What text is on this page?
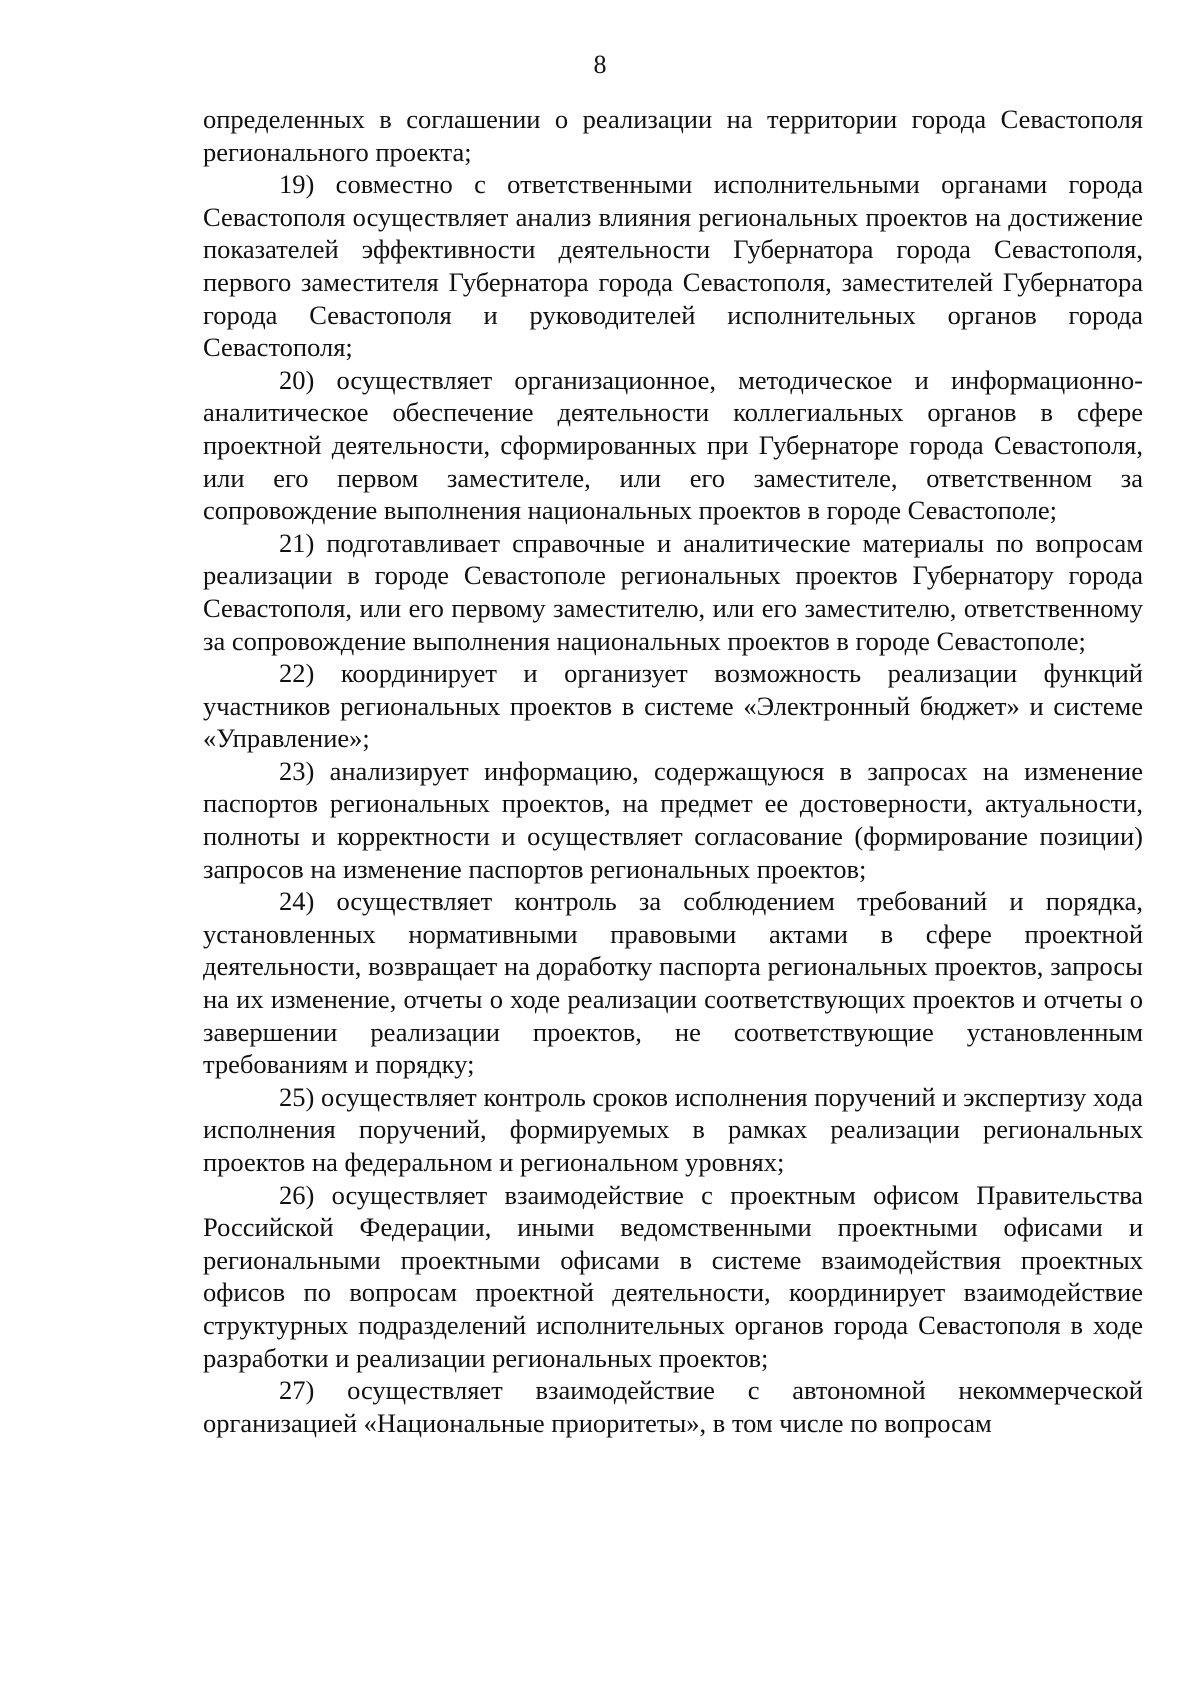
8

определенных в соглашении о реализации на территории города Севастополя регионального проекта;

19) совместно с ответственными исполнительными органами города Севастополя осуществляет анализ влияния региональных проектов на достижение показателей эффективности деятельности Губернатора города Севастополя, первого заместителя Губернатора города Севастополя, заместителей Губернатора города Севастополя и руководителей исполнительных органов города Севастополя;

20) осуществляет организационное, методическое и информационно-аналитическое обеспечение деятельности коллегиальных органов в сфере проектной деятельности, сформированных при Губернаторе города Севастополя, или его первом заместителе, или его заместителе, ответственном за сопровождение выполнения национальных проектов в городе Севастополе;

21) подготавливает справочные и аналитические материалы по вопросам реализации в городе Севастополе региональных проектов Губернатору города Севастополя, или его первому заместителю, или его заместителю, ответственному за сопровождение выполнения национальных проектов в городе Севастополе;

22) координирует и организует возможность реализации функций участников региональных проектов в системе «Электронный бюджет» и системе «Управление»;

23) анализирует информацию, содержащуюся в запросах на изменение паспортов региональных проектов, на предмет ее достоверности, актуальности, полноты и корректности и осуществляет согласование (формирование позиции) запросов на изменение паспортов региональных проектов;

24) осуществляет контроль за соблюдением требований и порядка, установленных нормативными правовыми актами в сфере проектной деятельности, возвращает на доработку паспорта региональных проектов, запросы на их изменение, отчеты о ходе реализации соответствующих проектов и отчеты о завершении реализации проектов, не соответствующие установленным требованиям и порядку;

25) осуществляет контроль сроков исполнения поручений и экспертизу хода исполнения поручений, формируемых в рамках реализации региональных проектов на федеральном и региональном уровнях;

26) осуществляет взаимодействие с проектным офисом Правительства Российской Федерации, иными ведомственными проектными офисами и региональными проектными офисами в системе взаимодействия проектных офисов по вопросам проектной деятельности, координирует взаимодействие структурных подразделений исполнительных органов города Севастополя в ходе разработки и реализации региональных проектов;

27) осуществляет взаимодействие с автономной некоммерческой организацией «Национальные приоритеты», в том числе по вопросам
